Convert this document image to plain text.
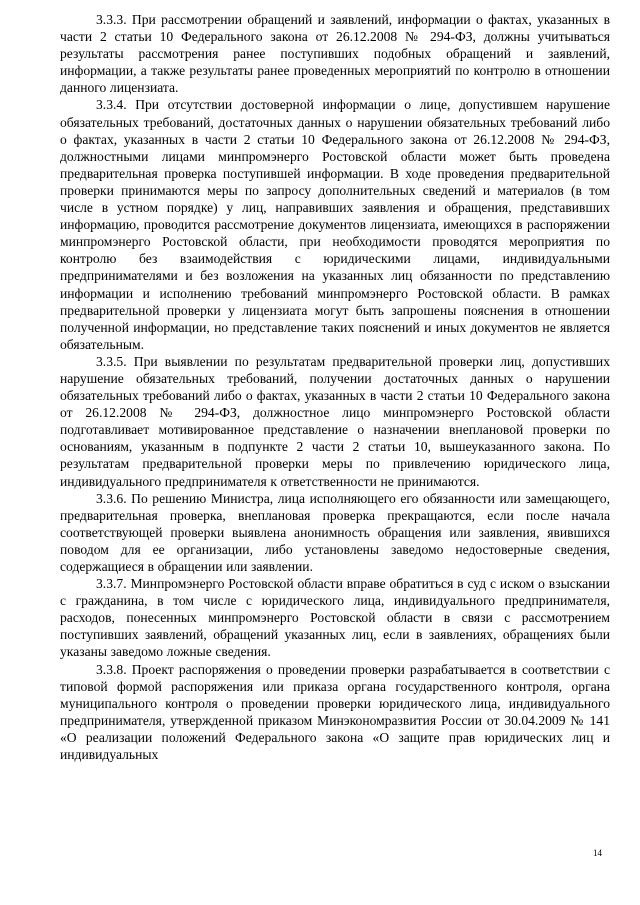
3.3.3. При рассмотрении обращений и заявлений, информации о фактах, указанных в части 2 статьи 10 Федерального закона от 26.12.2008 № 294-ФЗ, должны учитываться результаты рассмотрения ранее поступивших подобных обращений и заявлений, информации, а также результаты ранее проведенных мероприятий по контролю в отношении данного лицензиата.

3.3.4. При отсутствии достоверной информации о лице, допустившем нарушение обязательных требований, достаточных данных о нарушении обязательных требований либо о фактах, указанных в части 2 статьи 10 Федерального закона от 26.12.2008 № 294-ФЗ, должностными лицами минпромэнерго Ростовской области может быть проведена предварительная проверка поступившей информации. В ходе проведения предварительной проверки принимаются меры по запросу дополнительных сведений и материалов (в том числе в устном порядке) у лиц, направивших заявления и обращения, представивших информацию, проводится рассмотрение документов лицензиата, имеющихся в распоряжении минпромэнерго Ростовской области, при необходимости проводятся мероприятия по контролю без взаимодействия с юридическими лицами, индивидуальными предпринимателями и без возложения на указанных лиц обязанности по представлению информации и исполнению требований минпромэнерго Ростовской области. В рамках предварительной проверки у лицензиата могут быть запрошены пояснения в отношении полученной информации, но представление таких пояснений и иных документов не является обязательным.

3.3.5. При выявлении по результатам предварительной проверки лиц, допустивших нарушение обязательных требований, получении достаточных данных о нарушении обязательных требований либо о фактах, указанных в части 2 статьи 10 Федерального закона от 26.12.2008 № 294-ФЗ, должностное лицо минпромэнерго Ростовской области подготавливает мотивированное представление о назначении внеплановой проверки по основаниям, указанным в подпункте 2 части 2 статьи 10, вышеуказанного закона. По результатам предварительной проверки меры по привлечению юридического лица, индивидуального предпринимателя к ответственности не принимаются.

3.3.6. По решению Министра, лица исполняющего его обязанности или замещающего, предварительная проверка, внеплановая проверка прекращаются, если после начала соответствующей проверки выявлена анонимность обращения или заявления, явившихся поводом для ее организации, либо установлены заведомо недостоверные сведения, содержащиеся в обращении или заявлении.

3.3.7. Минпромэнерго Ростовской области вправе обратиться в суд с иском о взыскании с гражданина, в том числе с юридического лица, индивидуального предпринимателя, расходов, понесенных минпромэнерго Ростовской области в связи с рассмотрением поступивших заявлений, обращений указанных лиц, если в заявлениях, обращениях были указаны заведомо ложные сведения.

3.3.8. Проект распоряжения о проведении проверки разрабатывается в соответствии с типовой формой распоряжения или приказа органа государственного контроля, органа муниципального контроля о проведении проверки юридического лица, индивидуального предпринимателя, утвержденной приказом Минэкономразвития России от 30.04.2009 № 141 «О реализации положений Федерального закона «О защите прав юридических лиц и индивидуальных

14
